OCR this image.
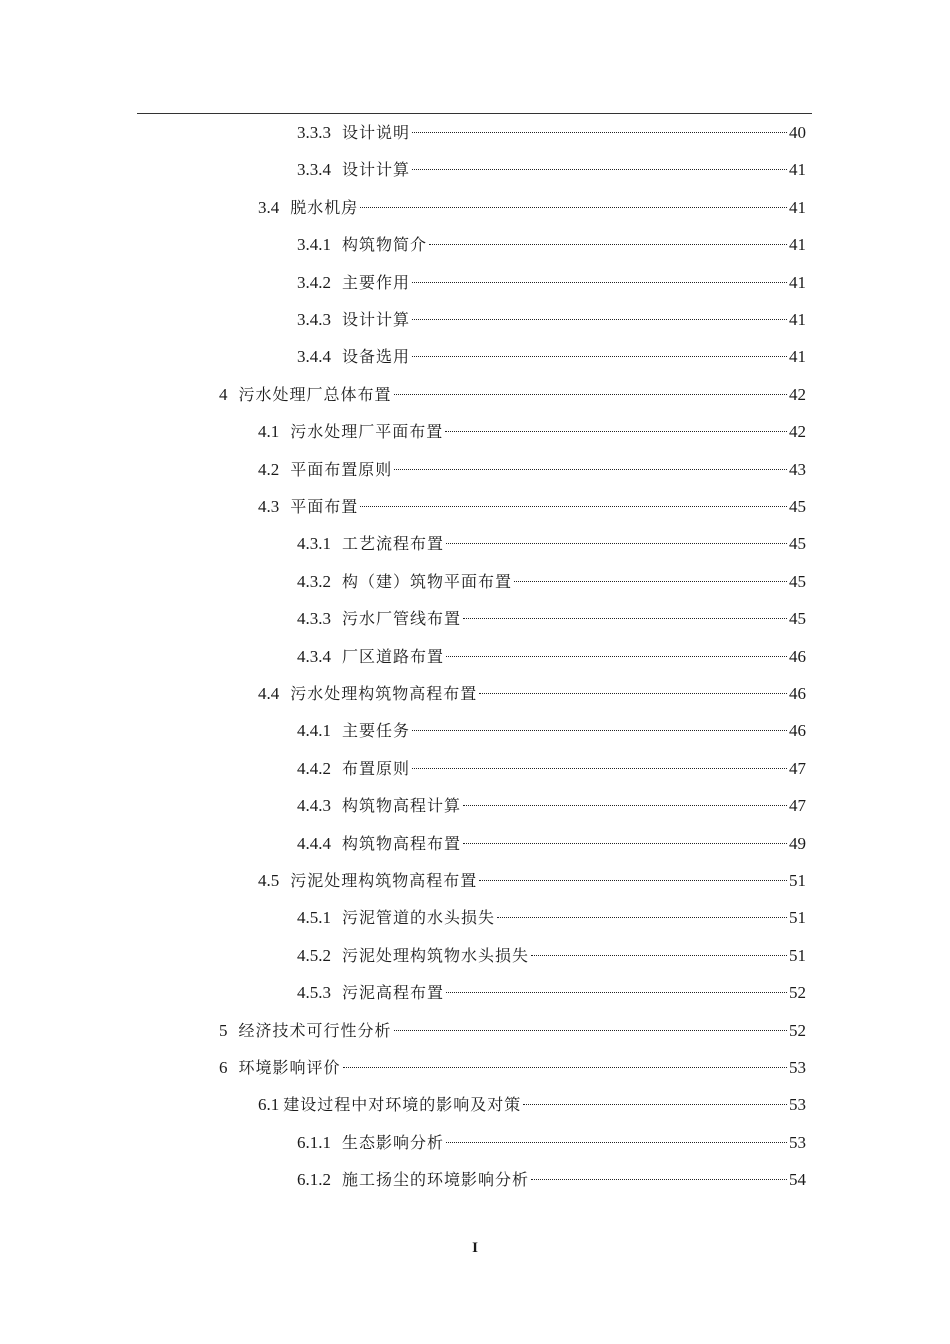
3.3.3 设计说明	40
3.3.4 设计计算	41
3.4 脱水机房	41
3.4.1 构筑物简介	41
3.4.2 主要作用	41
3.4.3 设计计算	41
3.4.4 设备选用	41
4 污水处理厂总体布置	42
4.1 污水处理厂平面布置	42
4.2 平面布置原则	43
4.3 平面布置	45
4.3.1 工艺流程布置	45
4.3.2 构（建）筑物平面布置	45
4.3.3 污水厂管线布置	45
4.3.4 厂区道路布置	46
4.4 污水处理构筑物高程布置	46
4.4.1 主要任务	46
4.4.2 布置原则	47
4.4.3 构筑物高程计算	47
4.4.4 构筑物高程布置	49
4.5 污泥处理构筑物高程布置	51
4.5.1 污泥管道的水头损失	51
4.5.2 污泥处理构筑物水头损失	51
4.5.3 污泥高程布置	52
5 经济技术可行性分析	52
6 环境影响评价	53
6.1 建设过程中对环境的影响及对策	53
6.1.1 生态影响分析	53
6.1.2 施工扬尘的环境影响分析	54
I
